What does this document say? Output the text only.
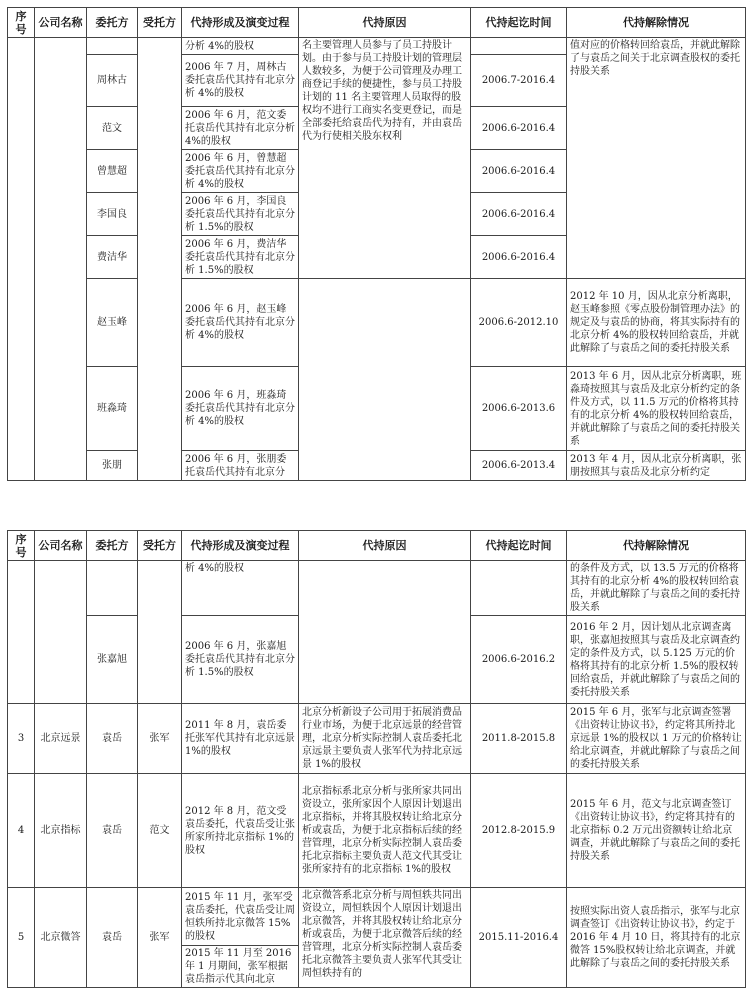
序号	公司名称	委托方	受托方	代持形成及演变过程	代持原因	代持起讫时间	代持解除情况
				分析 4%的股权	名主要管理人员参与了员工持股计划。由于参与员工持股计划的管理层人数较多，为便于公司管理及办理工商登记手续的便捷性，参与员工持股计划的 11 名主要管理人员取得的股权均不进行工商实名变更登记，而是全部委托给袁岳代为持有，并由袁岳代为行使相关股东权利		值对应的价格转回给袁岳，并就此解除了与袁岳之间关于北京调查股权的委托持股关系
		周林古		2006 年 7 月，周林古委托袁岳代其持有北京分析 4%的股权		2006.7-2016.4	
		范文		2006 年 6 月，范文委托袁岳代其持有北京分析 4%的股权		2006.6-2016.4	
		曾慧超		2006 年 6 月，曾慧超委托袁岳代其持有北京分析 4%的股权		2006.6-2016.4	
		李国良		2006 年 6 月，李国良委托袁岳代其持有北京分析 1.5%的股权		2006.6-2016.4	
		费洁华		2006 年 6 月，费洁华委托袁岳代其持有北京分析 1.5%的股权		2006.6-2016.4	
		赵玉峰		2006 年 6 月，赵玉峰委托袁岳代其持有北京分析 4%的股权		2006.6-2012.10	2012 年 10 月，因从北京分析离职，赵玉峰参照《零点股份制管理办法》的规定及与袁岳的协商，将其实际持有的北京分析 4%的股权转回给袁岳，并就此解除了与袁岳之间的委托持股关系
		班淼琦		2006 年 6 月，班淼琦委托袁岳代其持有北京分析 4%的股权		2006.6-2013.6	2013 年 6 月，因从北京分析离职，班淼琦按照其与袁岳及北京分析约定的条件及方式，以 11.5 万元的价格将其持有的北京分析 4%的股权转回给袁岳，并就此解除了与袁岳之间的委托持股关系
		张朋		2006 年 6 月，张朋委托袁岳代其持有北京分		2006.6-2013.4	2013 年 4 月，因从北京分析离职，张朋按照其与袁岳及北京分析约定
序号	公司名称	委托方	受托方	代持形成及演变过程	代持原因	代持起讫时间	代持解除情况
				析 4%的股权			的条件及方式，以 13.5 万元的价格将其持有的北京分析 4%的股权转回给袁岳，并就此解除了与袁岳之间的委托持股关系
		张嘉旭		2006 年 6 月，张嘉旭委托袁岳代其持有北京分析 1.5%的股权		2006.6-2016.2	2016 年 2 月，因计划从北京调查离职，张嘉旭按照其与袁岳及北京调查约定的条件及方式，以 5.125 万元的价格将其持有的北京分析 1.5%的股权转回给袁岳，并就此解除了与袁岳之间的委托持股关系
3	北京远景	袁岳	张军	2011 年 8 月，袁岳委托张军代其持有北京远景 1%的股权	北京分析新设子公司用于拓展消费品行业市场，为便于北京远景的经营管理，北京分析实际控制人袁岳委托北京远景主要负责人张军代为持北京远景 1%的股权	2011.8-2015.8	2015 年 6 月，张军与北京调查签署《出资转让协议书》，约定将其所持北京远景 1%的股权以 1 万元的价格转让给北京调查，并就此解除了与袁岳之间的委托持股关系
4	北京指标	袁岳	范文	2012 年 8 月，范文受袁岳委托，代袁岳受让张所家所持北京指标 1%的股权	北京指标系北京分析与张所家共同出资设立，张所家因个人原因计划退出北京指标，并将其股权转让给北京分析或袁岳，为便于北京指标后续的经营管理，北京分析实际控制人袁岳委托北京指标主要负责人范文代其受让张所家持有的北京指标 1%的股权	2012.8-2015.9	2015 年 6 月，范文与北京调查签订《出资转让协议书》，约定将其持有的北京指标 0.2 万元出资额转让给北京调查，并就此解除了与袁岳之间的委托持股关系
5	北京微答	袁岳	张军	2015 年 11 月，张军受袁岳委托，代袁岳受让周恒轶所持北京微答 15%的股权	北京微答系北京分析与周恒轶共同出资设立，周恒轶因个人原因计划退出北京微答，并将其股权转让给北京分析或袁岳，为便于北京微答后续的经营管理，北京分析实际控制人袁岳委托北京微答主要负责人张军代其受让周恒轶持有的	2015.11-2016.4	按照实际出资人袁岳指示，张军与北京调查签订《出资转让协议书》，约定于 2016 年 4 月 10 日，将其持有的北京微答 15%股权转让给北京调查，并就此解除了与袁岳之间的委托持股关系
				2015 年 11 月至 2016 年 1 月期间，张军根据袁岳指示代其向北京			
